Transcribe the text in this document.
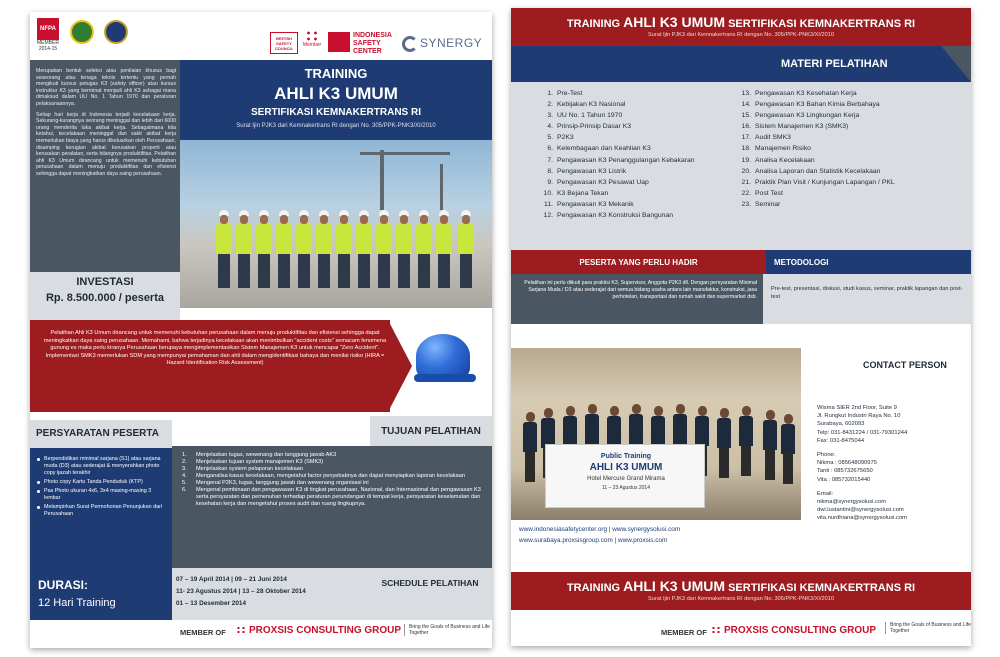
NFPA
MEMBER
2014-15
BRITISH SAFETY COUNCIL	Member
INDONESIA
SAFETY
CENTER
SYNERGY

Merupakan bentuk seleksi atau penilaian khusus bagi seseorang atau tenaga teknis tertentu yang pernah mengikuti kursus petugas K3 (safety officer) atau kursus instruktur K3 yang berminat menjadi ahli K3 sebagai mana dimaksud dalam UU No. 1 Tahun 1970 dan peraturan pelaksanaannya.

Setiap hari kerja di Indonesia terjadi kecelakaan kerja. Sekurang-kurangnya seorang meninggal dan lebih dari 6000 orang menderita luka akibat kerja. Sebagaimana kita ketahui, kecelakaan meninggal dan sakit akibat kerja memerlukan biaya yang harus dikeluarkan oleh Perusahaan, disamping kerugian akibat kerusakan properti atau kerusakan peralatan, serta hilangnya produktifitas. Pelatihan ahli K3 Umum dirancang untuk memenuhi kebutuhan perusahaan dalam menuju produktifitas dan efisiensi sehingga dapat meningkatkan daya saing perusahaan.

TRAINING
AHLI K3 UMUM
SERTIFIKASI KEMNAKERTRANS RI
Surat Ijin PJK3 dari Kemnakertrans RI dengan No. 305/PPK-PNK3/XI/2010
INVESTASI
Rp. 8.500.000 / peserta
Pelatihan Ahli K3 Umum dirancang untuk memenuhi kebutuhan perusahaan dalam menuju produktifitas dan efisiensi sehingga dapat meningkatkan daya saing perusahaan. Memahami, bahwa terjadinya kecelakaan akan menimbulkan "accident costs" semacam fenomena gunung es maka perlu kiranya Perusahaan berupaya mengimplementasikan Sistem Manajemen K3 untuk mencapai "Zero Accident". Implementasi SMK3 memerlukan SDM yang mempunyai pemahaman dan ahli dalam mengidentifikasi bahaya dan menilai risiko (HIRA = Hazard Identification Risk Assessment)
PERSYARATAN PESERTA	TUJUAN PELATIHAN
Berpendidikan minimal sarjana (S1) atau sarjana muda (D3) atau sederajat & menyerahkan photo copy ijazah terakhir
Photo copy Kartu Tanda Penduduk (KTP)
Pas Photo ukuran 4x6, 3x4 masing-masing 3 lembar
Melampirkan Surat Permohonan Penunjukan dari Perusahaan
1. Menjelaskan tugas, wewenang dan tanggung jawab AK3
2. Menjelaskan tujuan system manajemen K3 (SMK3)
3. Menjelaskan system pelaporan kecelakaan
4. Menganalisa kasus kecelakaan, mengetahui factor penyebabnya dan dapat menyiapkan laporan kecelakaan
5. Mengenal P2K3, tugas, tanggung jawab dan wewenang organisasi ini
6. Mengenal pembinaan dan pengawasan K3 di tingkat perusahaan, Nasional, dan Internasional dan pengawasan K3 serta persyaratan dan pemenuhan terhadap peraturan perundangan di tempat kerja, persyaratan keselamatan dan kesehatan kerja dan mengetahui proses audit dan ruang lingkupnya.
DURASI:
12 Hari Training
07 – 19 April 2014 | 09 – 21 Juni 2014
11- 23 Agustus 2014 | 13 – 28 Oktober 2014
01 – 13 Desember 2014
SCHEDULE PELATIHAN
MEMBER OF	PROXSIS CONSULTING GROUP	Bring the Goals of Business and Life Together
TRAINING AHLI K3 UMUM SERTIFIKASI KEMNAKERTRANS RI
Surat Ijin PJK3 dari Kemnakertrans RI dengan No. 305/PPK-PNK3/XI/2010
MATERI PELATIHAN
1. Pre-Test
2. Kebijakan K3 Nasional
3. UU No. 1 Tahun 1970
4. Prinsip-Prinsip Dasar K3
5. P2K3
6. Kelembagaan dan Keahlian K3
7. Pengawasan K3 Penanggulangan Kebakaran
8. Pengawasan K3 Listrik
9. Pengawasan K3 Pesawat Uap
10. K3 Bejana Tekan
11. Pengawasan K3 Mekanik
12. Pengawasan K3 Konstruksi Bangunan
13. Pengawasan K3 Kesehatan Kerja
14. Pengawasan K3 Bahan Kimia Berbahaya
15. Pengawasan K3 Lingkungan Kerja
16. Sistem Manajemen K3 (SMK3)
17. Audit SMK3
18. Manajemen Risiko
19. Analisa Kecelakaan
20. Analisa Laporan dan Statistik Kecelakaan
21. Praktik Plan Visit / Kunjungan Lapangan / PKL
22. Post Test
23. Seminar
PESERTA YANG PERLU HADIR	METODOLOGI
Pelatihan ini perlu diikuti para praktisi K3, Supervisor, Anggota P2K3 dll. Dengan persyaratan Minimal Sarjana Muda / D3 atau sederajat dari semua bidang usaha antara lain manufaktur, konstruksi, jasa perhotelan, transportasi dan rumah sakit dan supermarket dsb.
Pre-test, presentasi, diskusi, studi kasus, seminar, praktik lapangan dan post-test
Public Training
AHLI K3 UMUM
Hotel Mercure Grand Mirama
11 – 23 Agustus 2014
CONTACT PERSON
Wisma SIER 2nd Floor, Suite 9
Jl. Rungkut Industri Raya No. 10
Surabaya, 602093
Telp: 031-8431224 / 031-79301244
Fax: 031-8475044
Phone:
Nikma : 085648090975
Tanti : 085732675650
Vita : 085732015440
Email:
nikma@synergysolusi.com
dwi.lustantini@synergysolusi.com
vita.nurdhiana@synergysolusi.com
www.indonesiasafetycenter.org | www.synergysolusi.com
www.surabaya.proxsisgroup.com | www.proxsis.com
TRAINING AHLI K3 UMUM SERTIFIKASI KEMNAKERTRANS RI
Surat Ijin PJK3 dari Kemnakertrans RI dengan No. 305/PPK-PNK3/XI/2010
MEMBER OF	PROXSIS CONSULTING GROUP	Bring the Goals of Business and Life Together
